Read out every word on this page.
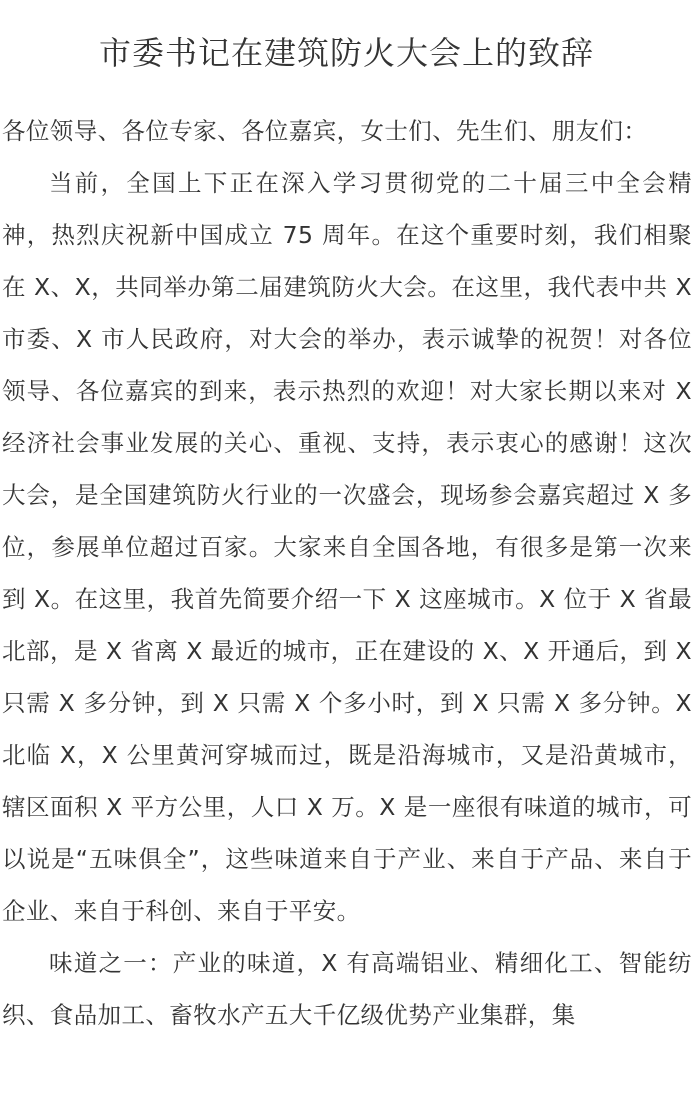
市委书记在建筑防火大会上的致辞

各位领导、各位专家、各位嘉宾，女士们、先生们、朋友们：

当前，全国上下正在深入学习贯彻党的二十届三中全会精神，热烈庆祝新中国成立 75 周年。在这个重要时刻，我们相聚在 X、X，共同举办第二届建筑防火大会。在这里，我代表中共 X 市委、X 市人民政府，对大会的举办，表示诚挚的祝贺！对各位领导、各位嘉宾的到来，表示热烈的欢迎！对大家长期以来对 X 经济社会事业发展的关心、重视、支持，表示衷心的感谢！这次大会，是全国建筑防火行业的一次盛会，现场参会嘉宾超过 X 多位，参展单位超过百家。大家来自全国各地，有很多是第一次来到 X。在这里，我首先简要介绍一下 X 这座城市。X 位于 X 省最北部，是 X 省离 X 最近的城市，正在建设的 X、X 开通后，到 X 只需 X 多分钟，到 X 只需 X 个多小时，到 X 只需 X 多分钟。X 北临 X，X 公里黄河穿城而过，既是沿海城市，又是沿黄城市，辖区面积 X 平方公里，人口 X 万。X 是一座很有味道的城市，可以说是“五味俱全”，这些味道来自于产业、来自于产品、来自于企业、来自于科创、来自于平安。

味道之一：产业的味道，X 有高端铝业、精细化工、智能纺织、食品加工、畜牧水产五大千亿级优势产业集群，集
